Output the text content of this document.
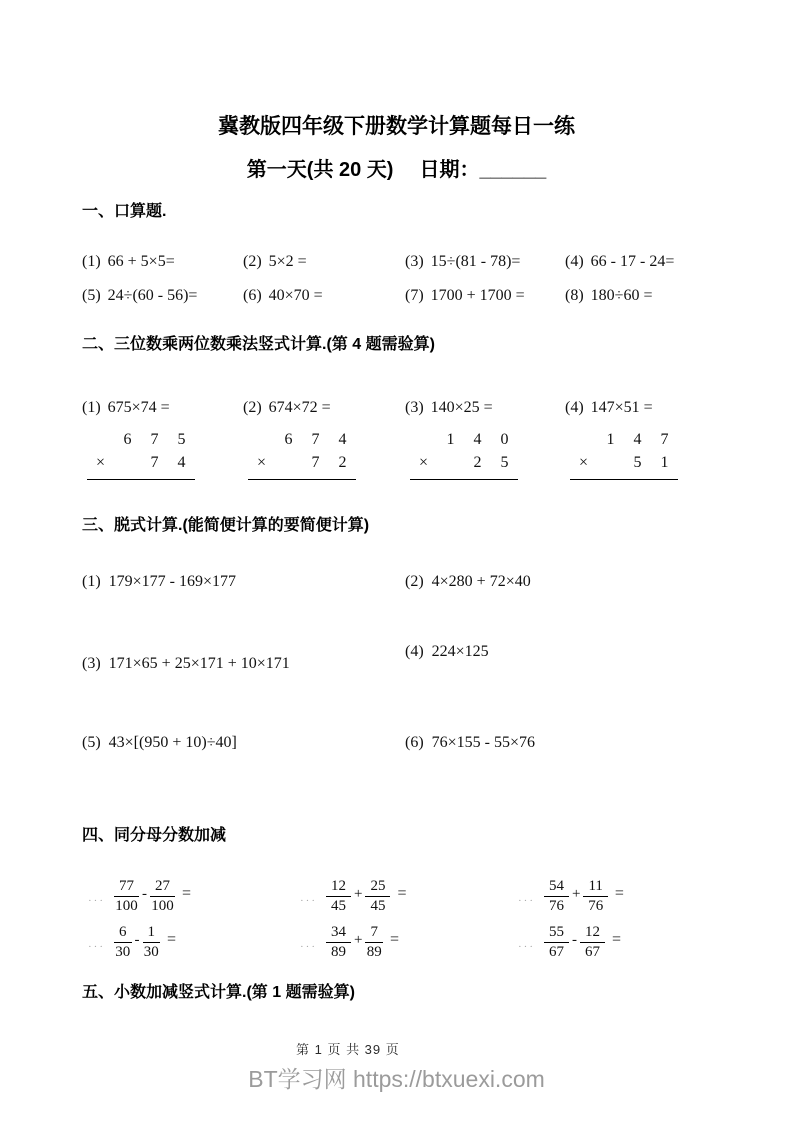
冀教版四年级下册数学计算题每日一练
第一天(共 20 天) 日期：______
一、口算题.
(1) 66 + 5×5=	(2) 5×2 =	(3) 15÷(81 - 78)=	(4) 66 - 17 - 24=
(5) 24÷(60 - 56)=	(6) 40×70 =	(7) 1700 + 1700 =	(8) 180÷60 =
二、三位数乘两位数乘法竖式计算.(第 4 题需验算)
(1) 675×74 =	(2) 674×72 =	(3) 140×25 =	(4) 147×51 =
6	7	5
×	7	4
6	7	4
×	7	2
1	4	0
×	2	5
1	4	7
×	5	1
三、脱式计算.(能简便计算的要简便计算)
(1) 179×177 - 169×177	(2) 4×280 + 72×40
(3) 171×65 + 25×171 + 10×171
(4) 224×125
(5) 43×[(950 + 10)÷40]	(6) 76×155 - 55×76
四、同分母分数加减
··· $\frac{77}{100} - \frac{27}{100}$ =	··· $\frac{12}{45} + \frac{25}{45}$ =	··· $\frac{54}{76} + \frac{11}{76}$ =
··· $\frac{6}{30} - \frac{1}{30}$ =	··· $\frac{34}{89} + \frac{7}{89}$ =	··· $\frac{55}{67} - \frac{12}{67}$ =
五、小数加减竖式计算.(第 1 题需验算)
第 1 页 共 39 页
BT学习网 https://btxuexi.com
